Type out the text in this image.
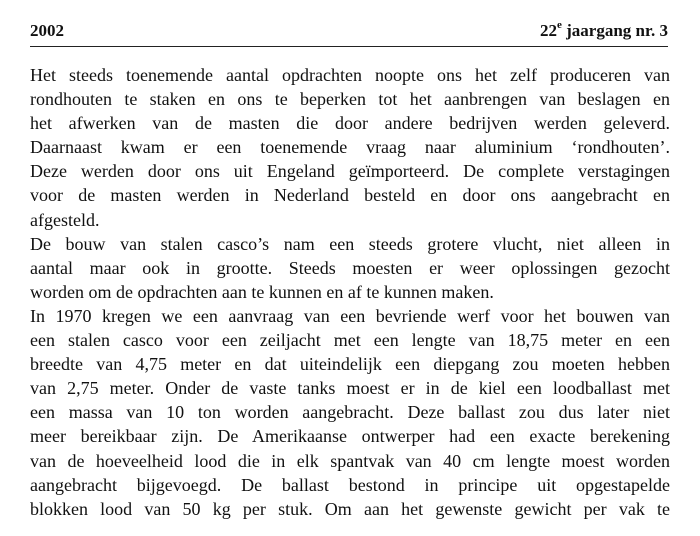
2002	22e jaargang nr. 3
Het steeds toenemende aantal opdrachten noopte ons het zelf produceren van
rondhouten te staken en ons te beperken tot het aanbrengen van beslagen en
het afwerken van de masten die door andere bedrijven werden geleverd.
Daarnaast kwam er een toenemende vraag naar aluminium ‘rondhouten’.
Deze werden door ons uit Engeland geïmporteerd. De complete verstagingen
voor de masten werden in Nederland besteld en door ons aangebracht en
afgesteld.
De bouw van stalen casco’s nam een steeds grotere vlucht, niet alleen in
aantal maar ook in grootte. Steeds moesten er weer oplossingen gezocht
worden om de opdrachten aan te kunnen en af te kunnen maken.
In 1970 kregen we een aanvraag van een bevriende werf voor het bouwen van
een stalen casco voor een zeiljacht met een lengte van 18,75 meter en een
breedte van 4,75 meter en dat uiteindelijk een diepgang zou moeten hebben
van 2,75 meter. Onder de vaste tanks moest er in de kiel een loodballast met
een massa van 10 ton worden aangebracht. Deze ballast zou dus later niet
meer bereikbaar zijn. De Amerikaanse ontwerper had een exacte berekening
van de hoeveelheid lood die in elk spantvak van 40 cm lengte moest worden
aangebracht bijgevoegd. De ballast bestond in principe uit opgestapelde
blokken lood van 50 kg per stuk. Om aan het gewenste gewicht per vak te
